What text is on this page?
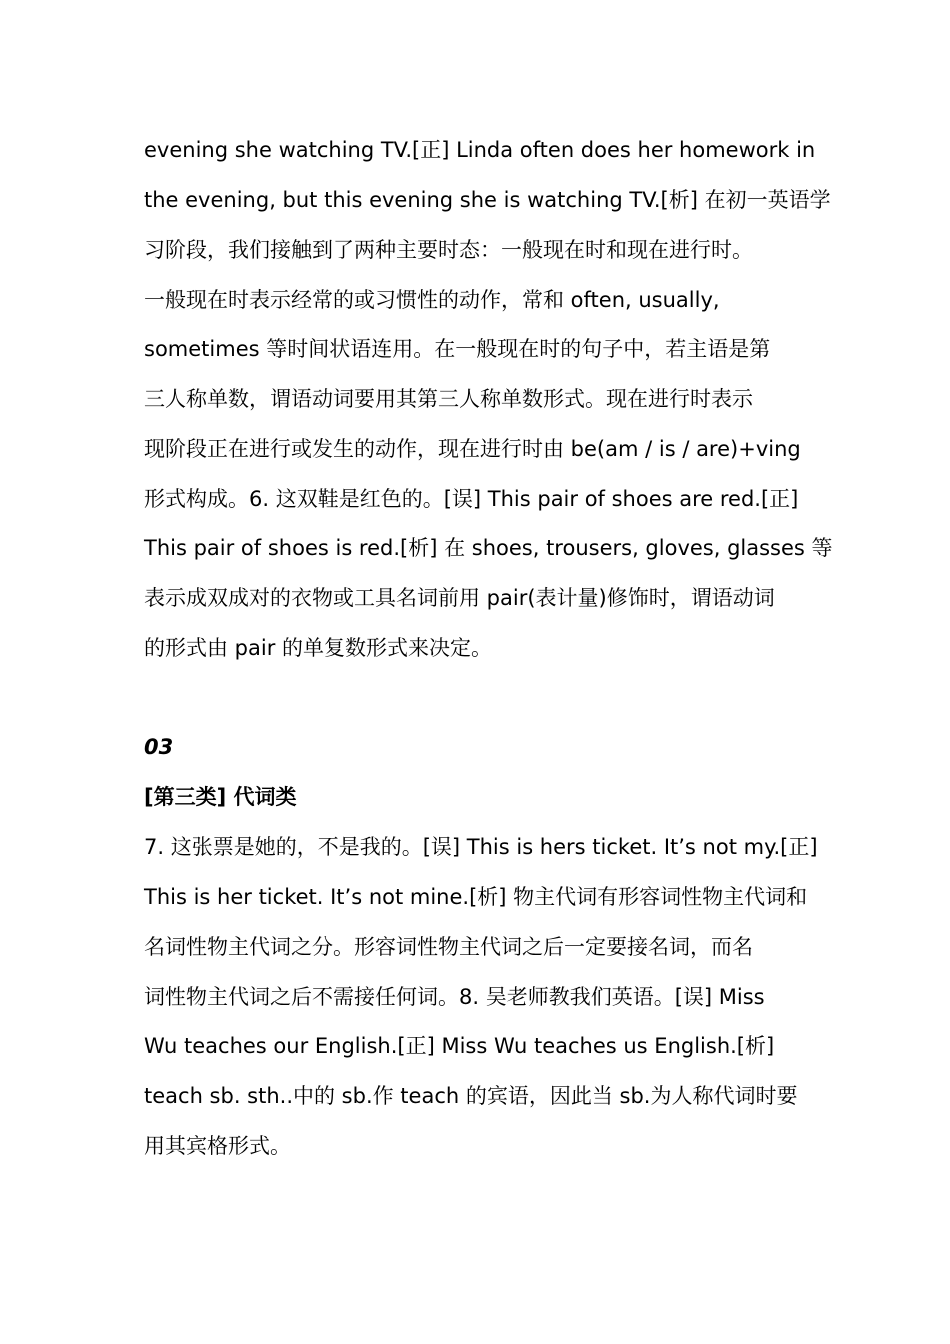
evening she watching TV.[正] Linda often does her homework in
the evening, but this evening she is watching TV.[析] 在初一英语学
习阶段，我们接触到了两种主要时态：一般现在时和现在进行时。
一般现在时表示经常的或习惯性的动作，常和 often, usually,
sometimes 等时间状语连用。在一般现在时的句子中，若主语是第
三人称单数，谓语动词要用其第三人称单数形式。现在进行时表示
现阶段正在进行或发生的动作，现在进行时由 be(am / is / are)+ving
形式构成。6. 这双鞋是红色的。[误] This pair of shoes are red.[正]
This pair of shoes is red.[析] 在 shoes, trousers, gloves, glasses 等
表示成双成对的衣物或工具名词前用 pair(表计量)修饰时，谓语动词
的形式由 pair 的单复数形式来决定。
03
[第三类] 代词类
7. 这张票是她的，不是我的。[误] This is hers ticket. It’s not my.[正]
This is her ticket. It’s not mine.[析] 物主代词有形容词性物主代词和
名词性物主代词之分。形容词性物主代词之后一定要接名词，而名
词性物主代词之后不需接任何词。8. 吴老师教我们英语。[误] Miss
Wu teaches our English.[正] Miss Wu teaches us English.[析]
teach sb. sth..中的 sb.作 teach 的宾语，因此当 sb.为人称代词时要
用其宾格形式。
